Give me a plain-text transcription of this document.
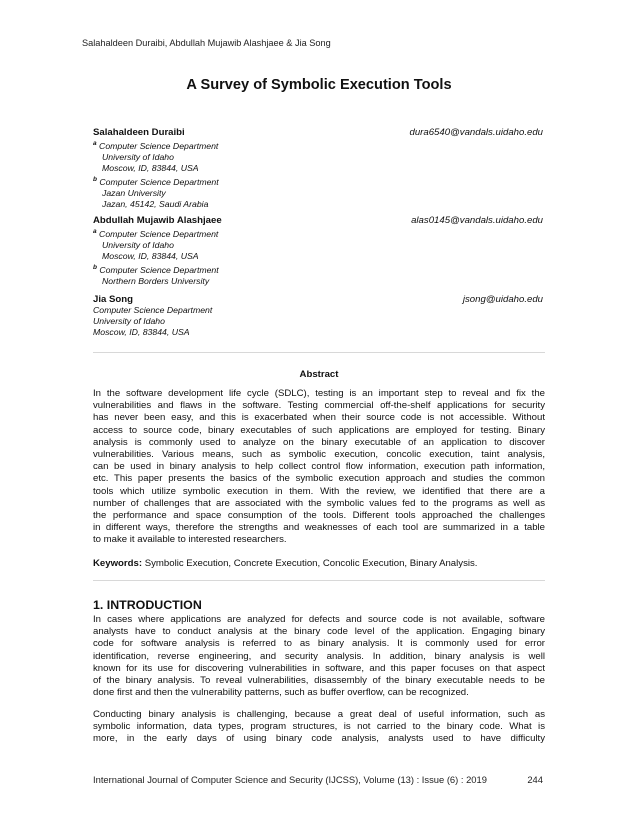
Salahaldeen Duraibi, Abdullah Mujawib Alashjaee & Jia Song
A Survey of Symbolic Execution Tools
Salahaldeen Duraibi	dura6540@vandals.uidaho.edu
$^a$ Computer Science Department
University of Idaho
Moscow, ID, 83844, USA
$^b$ Computer Science Department
Jazan University
Jazan, 45142, Saudi Arabia
Abdullah Mujawib Alashjaee	alas0145@vandals.uidaho.edu
$^a$ Computer Science Department
University of Idaho
Moscow, ID, 83844, USA
$^b$ Computer Science Department
Northern Borders University
Jia Song	jsong@uidaho.edu
Computer Science Department
University of Idaho
Moscow, ID, 83844, USA
Abstract
In the software development life cycle (SDLC), testing is an important step to reveal and fix the
vulnerabilities and flaws in the software. Testing commercial off-the-shelf applications for security
has never been easy, and this is exacerbated when their source code is not accessible. Without
access to source code, binary executables of such applications are employed for testing. Binary
analysis is commonly used to analyze on the binary executable of an application to discover
vulnerabilities. Various means, such as symbolic execution, concolic execution, taint analysis,
can be used in binary analysis to help collect control flow information, execution path information,
etc. This paper presents the basics of the symbolic execution approach and studies the common
tools which utilize symbolic execution in them. With the review, we identified that there are a
number of challenges that are associated with the symbolic values fed to the programs as well as
the performance and space consumption of the tools. Different tools approached the challenges
in different ways, therefore the strengths and weaknesses of each tool are summarized in a table
to make it available to interested researchers.
Keywords: Symbolic Execution, Concrete Execution, Concolic Execution, Binary Analysis.
1. INTRODUCTION
In cases where applications are analyzed for defects and source code is not available, software
analysts have to conduct analysis at the binary code level of the application. Engaging binary
code for software analysis is referred to as binary analysis. It is commonly used for error
identification, reverse engineering, and security analysis. In addition, binary analysis is well
known for its use for discovering vulnerabilities in software, and this paper focuses on that aspect
of the binary analysis. To reveal vulnerabilities, disassembly of the binary executable needs to be
done first and then the vulnerability patterns, such as buffer overflow, can be recognized.
Conducting binary analysis is challenging, because a great deal of useful information, such as
symbolic information, data types, program structures, is not carried to the binary code. What is
more, in the early days of using binary code analysis, analysts used to have difficulty
International Journal of Computer Science and Security (IJCSS), Volume (13) : Issue (6) : 2019	244
